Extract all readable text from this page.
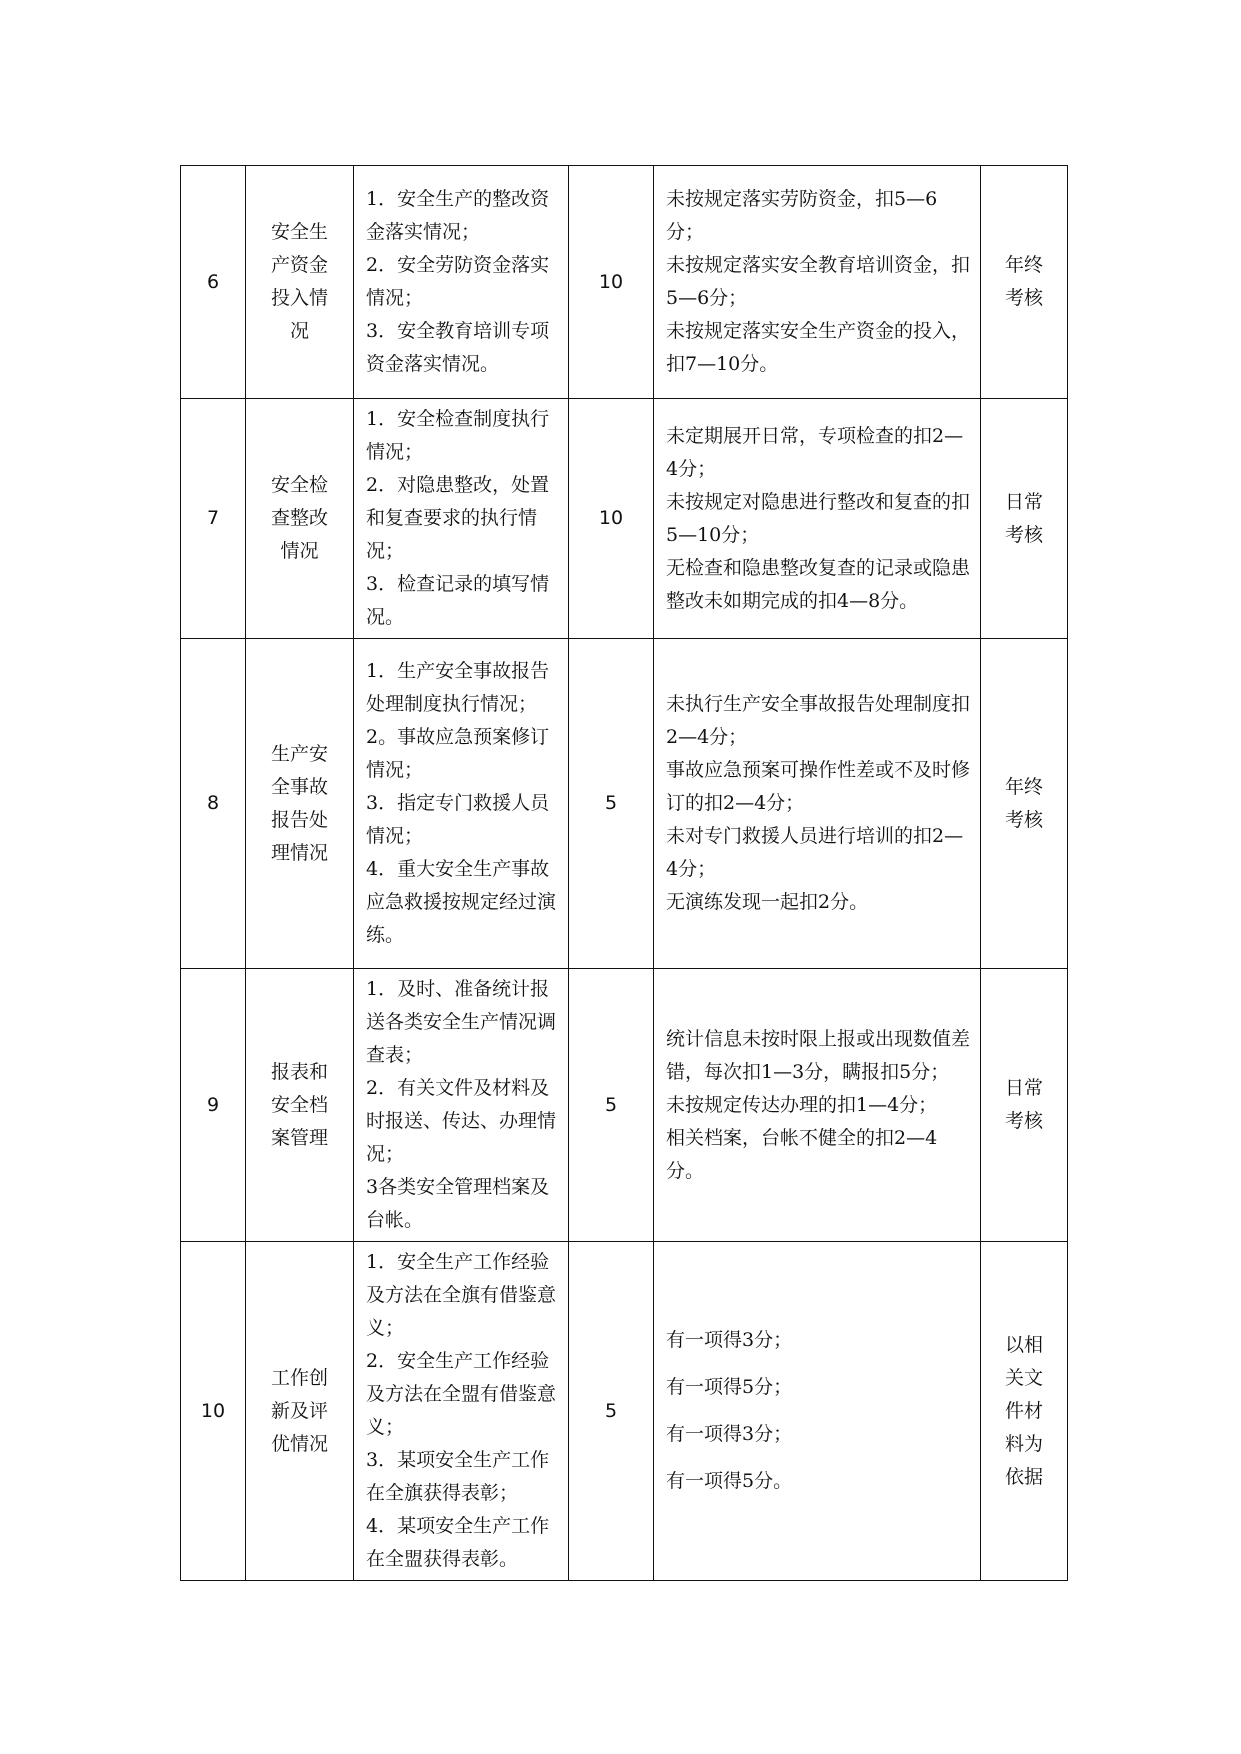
6	安全生产资金投入情况	1．安全生产的整改资金落实情况；
2．安全劳防资金落实情况；
3．安全教育培训专项资金落实情况。	10	未按规定落实劳防资金，扣5—6分；
未按规定落实安全教育培训资金，扣5—6分；
未按规定落实安全生产资金的投入，扣7—10分。	年终考核

7	安全检查整改情况	1．安全检查制度执行情况；
2．对隐患整改，处置和复查要求的执行情况；
3．检查记录的填写情况。	10	未定期展开日常，专项检查的扣2—4分；
未按规定对隐患进行整改和复查的扣5—10分；
无检查和隐患整改复查的记录或隐患整改未如期完成的扣4—8分。	日常考核

8	生产安全事故报告处理情况	1．生产安全事故报告处理制度执行情况；
2。事故应急预案修订情况；
3．指定专门救援人员情况；
4．重大安全生产事故应急救援按规定经过演练。	5	未执行生产安全事故报告处理制度扣2—4分；
事故应急预案可操作性差或不及时修订的扣2—4分；
未对专门救援人员进行培训的扣2—4分；
无演练发现一起扣2分。	年终考核

9	报表和安全档案管理	1．及时、准备统计报送各类安全生产情况调查表；
2．有关文件及材料及时报送、传达、办理情况；
3各类安全管理档案及台帐。	5	统计信息未按时限上报或出现数值差错，每次扣1—3分，瞒报扣5分；
未按规定传达办理的扣1—4分；
相关档案，台帐不健全的扣2—4分。	日常考核

10	工作创新及评优情况	1．安全生产工作经验及方法在全旗有借鉴意义；
2．安全生产工作经验及方法在全盟有借鉴意义；
3．某项安全生产工作在全旗获得表彰；
4．某项安全生产工作在全盟获得表彰。	5	有一项得3分；
有一项得5分；
有一项得3分；
有一项得5分。	以相关文件材料为依据
